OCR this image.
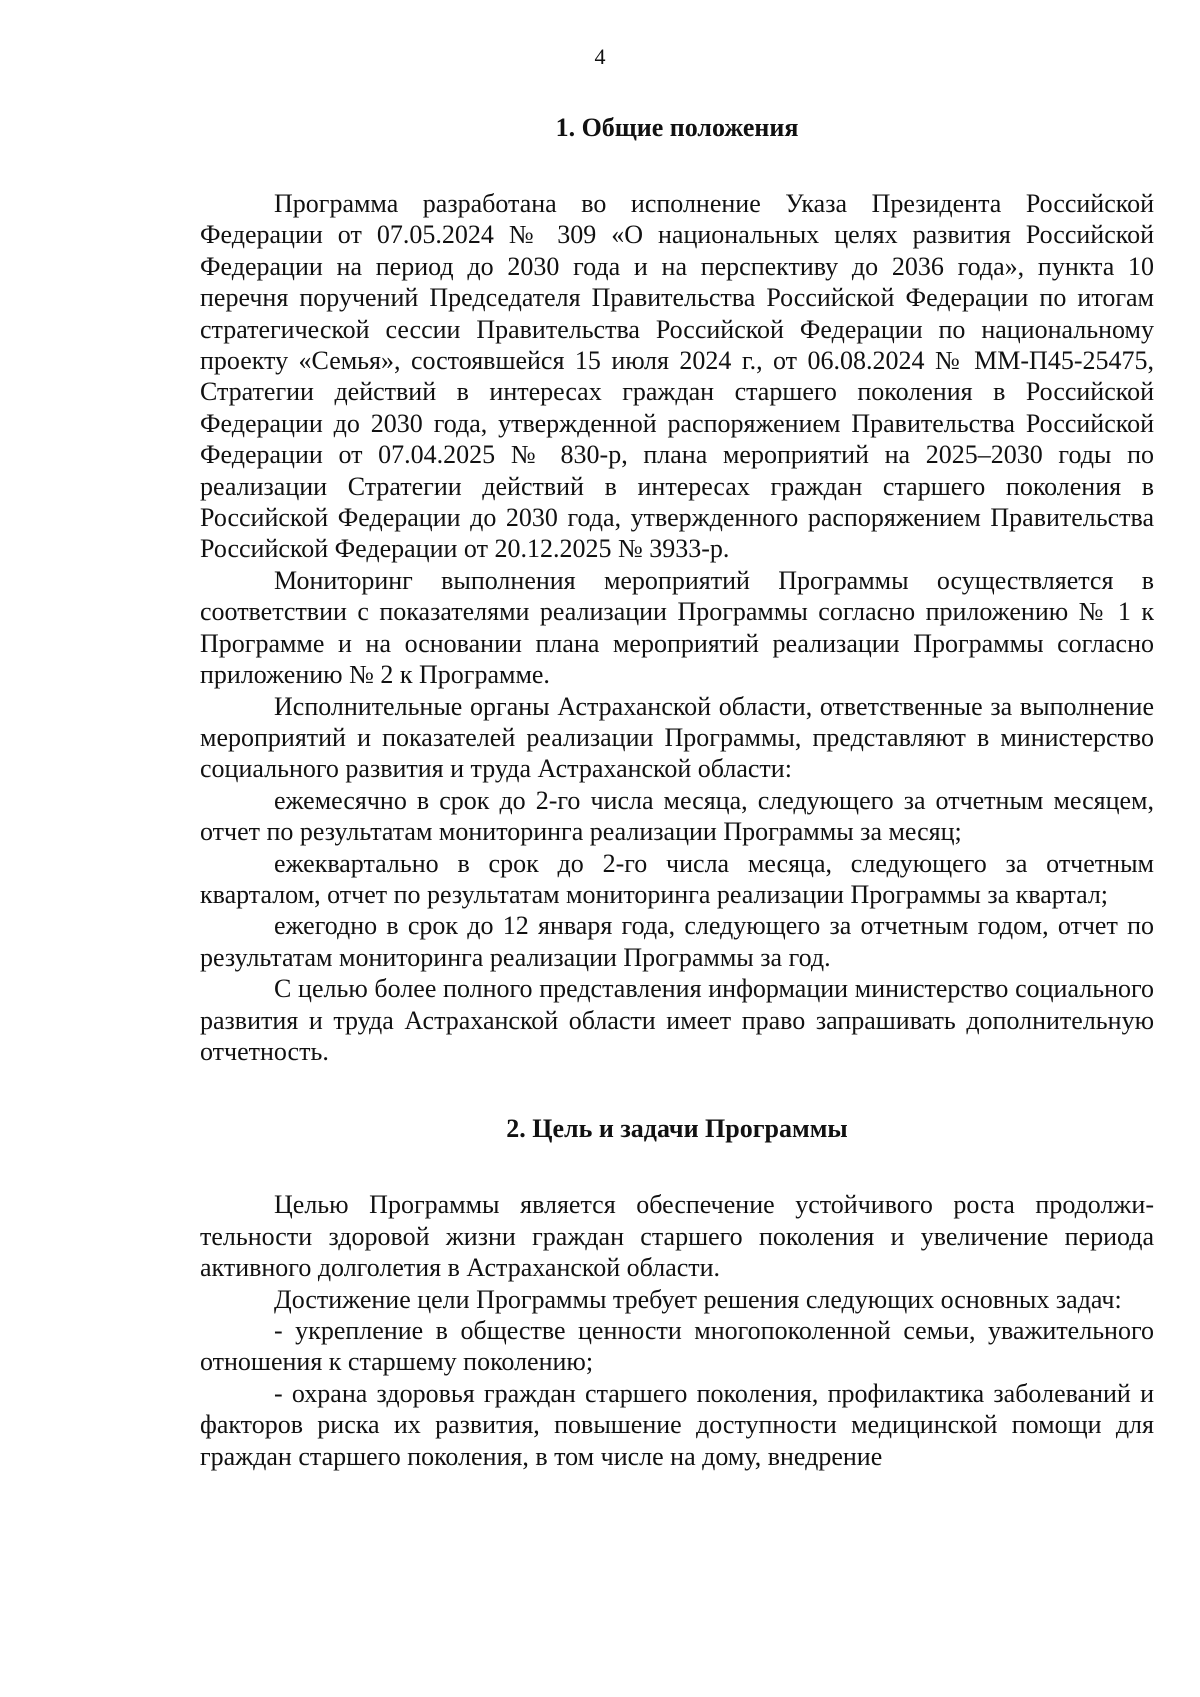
4
1. Общие положения

Программа разработана во исполнение Указа Президента Российской Федерации от 07.05.2024 № 309 «О национальных целях развития Российской Федерации на период до 2030 года и на перспективу до 2036 года», пункта 10 перечня поручений Председателя Правительства Российской Федерации по итогам стратегической сессии Правительства Российской Федерации по национальному проекту «Семья», состоявшейся 15 июля 2024 г., от 06.08.2024 № ММ-П45-25475, Стратегии действий в интересах граждан старшего поколения в Российской Федерации до 2030 года, утвержденной распоряжением Правительства Российской Федерации от 07.04.2025 № 830-р, плана мероприятий на 2025–2030 годы по реализации Стратегии действий в интересах граждан старшего поколения в Российской Федерации до 2030 года, утвержденного распоряжением Правительства Российской Федерации от 20.12.2025 № 3933-р.

Мониторинг выполнения мероприятий Программы осуществляется в соответствии с показателями реализации Программы согласно приложению № 1 к Программе и на основании плана мероприятий реализации Программы согласно приложению № 2 к Программе.

Исполнительные органы Астраханской области, ответственные за выполнение мероприятий и показателей реализации Программы, представляют в министерство социального развития и труда Астраханской области:

ежемесячно в срок до 2-го числа месяца, следующего за отчетным месяцем, отчет по результатам мониторинга реализации Программы за месяц;

ежеквартально в срок до 2-го числа месяца, следующего за отчетным кварталом, отчет по результатам мониторинга реализации Программы за квартал;

ежегодно в срок до 12 января года, следующего за отчетным годом, отчет по результатам мониторинга реализации Программы за год.

С целью более полного представления информации министерство социального развития и труда Астраханской области имеет право запрашивать дополнительную отчетность.

2. Цель и задачи Программы

Целью Программы является обеспечение устойчивого роста продолжительности здоровой жизни граждан старшего поколения и увеличение периода активного долголетия в Астраханской области.

Достижение цели Программы требует решения следующих основных задач:

- укрепление в обществе ценности многопоколенной семьи, уважительного отношения к старшему поколению;

- охрана здоровья граждан старшего поколения, профилактика заболеваний и факторов риска их развития, повышение доступности медицинской помощи для граждан старшего поколения, в том числе на дому, внедрение
